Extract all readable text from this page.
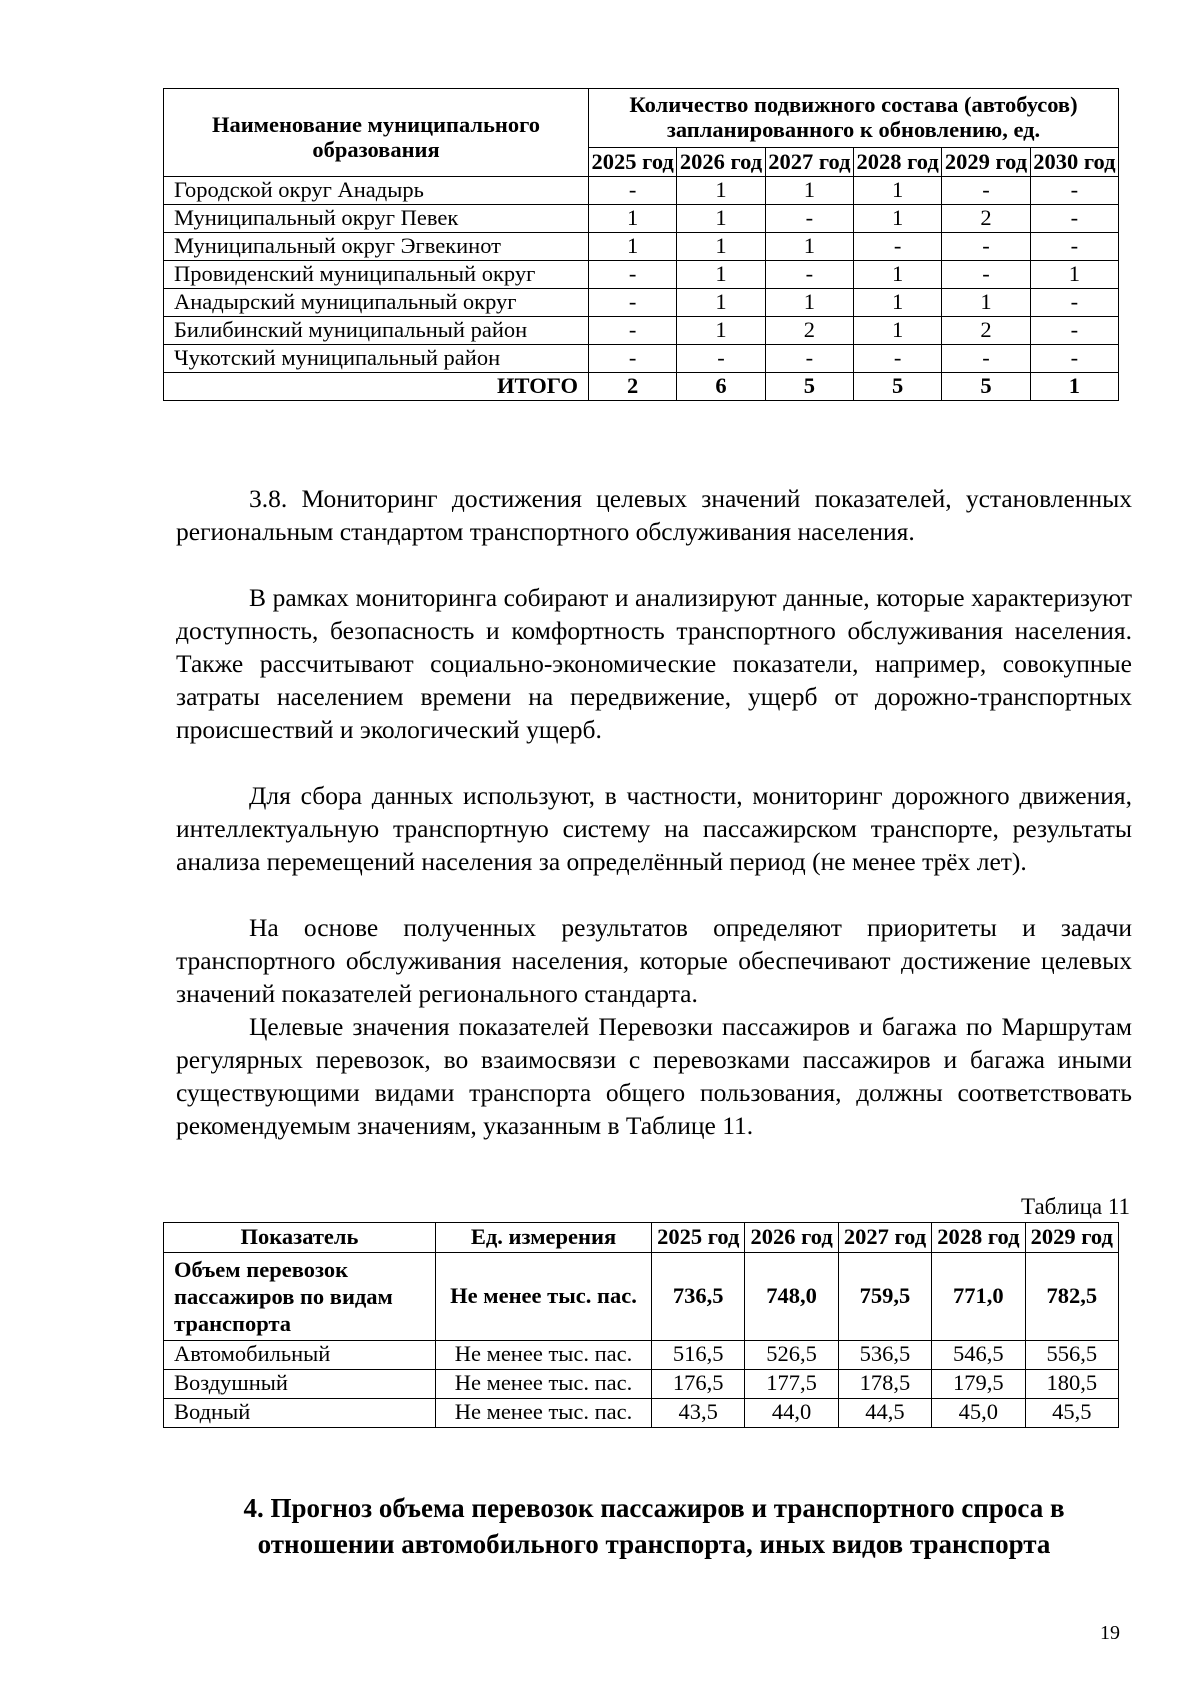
Наименование муниципального образования	Количество подвижного состава (автобусов) запланированного к обновлению, ед.					
	2025 год	2026 год	2027 год	2028 год	2029 год	2030 год
Городской округ Анадырь	-	1	1	1	-	-
Муниципальный округ Певек	1	1	-	1	2	-
Муниципальный округ Эгвекинот	1	1	1	-	-	-
Провиденский муниципальный округ	-	1	-	1	-	1
Анадырский муниципальный округ	-	1	1	1	1	-
Билибинский муниципальный район	-	1	2	1	2	-
Чукотский муниципальный район	-	-	-	-	-	-
ИТОГО	2	6	5	5	5	1

3.8. Мониторинг достижения целевых значений показателей, установленных региональным стандартом транспортного обслуживания населения.

В рамках мониторинга собирают и анализируют данные, которые характеризуют доступность, безопасность и комфортность транспортного обслуживания населения. Также рассчитывают социально-экономические показатели, например, совокупные затраты населением времени на передвижение, ущерб от дорожно-транспортных происшествий и экологический ущерб.

Для сбора данных используют, в частности, мониторинг дорожного движения, интеллектуальную транспортную систему на пассажирском транспорте, результаты анализа перемещений населения за определённый период (не менее трёх лет).

На основе полученных результатов определяют приоритеты и задачи транспортного обслуживания населения, которые обеспечивают достижение целевых значений показателей регионального стандарта.

Целевые значения показателей Перевозки пассажиров и багажа по Маршрутам регулярных перевозок, во взаимосвязи с перевозками пассажиров и багажа иными существующими видами транспорта общего пользования, должны соответствовать рекомендуемым значениям, указанным в Таблице 11.

Таблица 11
Показатель	Ед. измерения	2025 год	2026 год	2027 год	2028 год	2029 год
Объем перевозок пассажиров по видам транспорта	Не менее тыс. пас.	736,5	748,0	759,5	771,0	782,5
Автомобильный	Не менее тыс. пас.	516,5	526,5	536,5	546,5	556,5
Воздушный	Не менее тыс. пас.	176,5	177,5	178,5	179,5	180,5
Водный	Не менее тыс. пас.	43,5	44,0	44,5	45,0	45,5
4. Прогноз объема перевозок пассажиров и транспортного спроса в отношении автомобильного транспорта, иных видов транспорта
19
